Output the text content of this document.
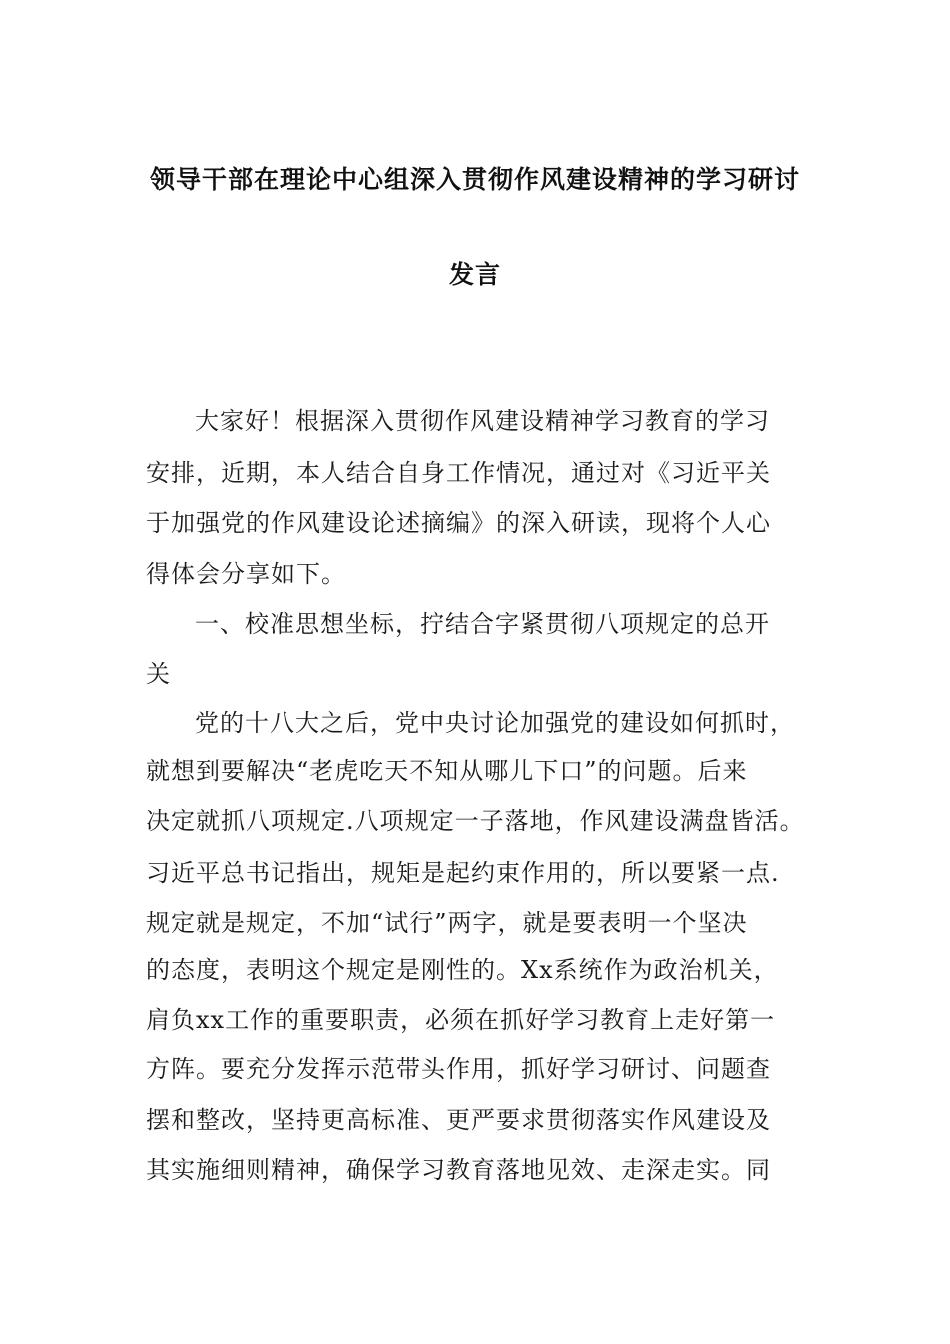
领导干部在理论中心组深入贯彻作风建设精神的学习研讨
发言
大家好！根据深入贯彻作风建设精神学习教育的学习
安排，近期，本人结合自身工作情况，通过对《习近平关
于加强党的作风建设论述摘编》的深入研读，现将个人心
得体会分享如下。
一、校准思想坐标，拧结合字紧贯彻八项规定的总开
关
党的十八大之后，党中央讨论加强党的建设如何抓时，
就想到要解决“老虎吃天不知从哪儿下口”的问题。后来
决定就抓八项规定.八项规定一子落地，作风建设满盘皆活。
习近平总书记指出，规矩是起约束作用的，所以要紧一点.
规定就是规定，不加“试行”两字，就是要表明一个坚决
的态度，表明这个规定是刚性的。Xx系统作为政治机关，
肩负xx工作的重要职责，必须在抓好学习教育上走好第一
方阵。要充分发挥示范带头作用，抓好学习研讨、问题查
摆和整改，坚持更高标准、更严要求贯彻落实作风建设及
其实施细则精神，确保学习教育落地见效、走深走实。同
